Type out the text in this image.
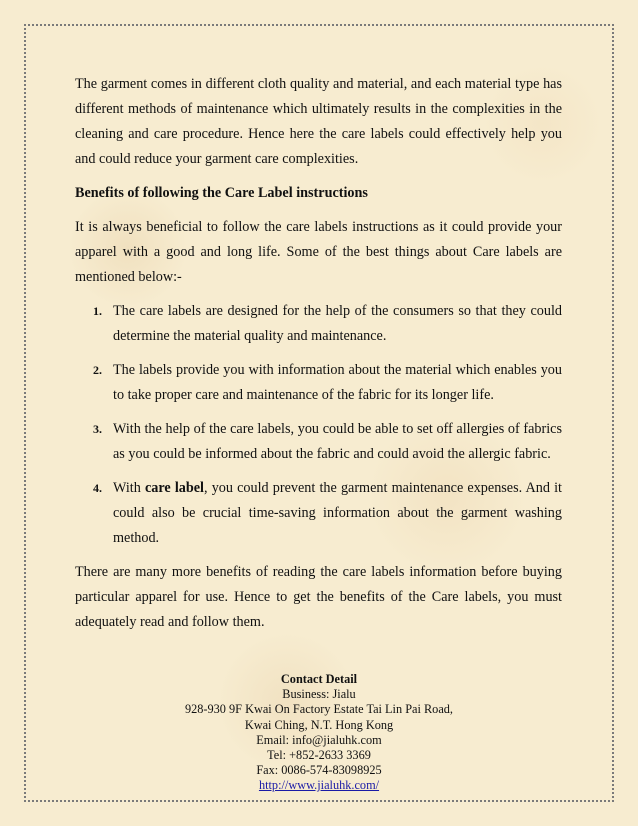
The garment comes in different cloth quality and material, and each material type has different methods of maintenance which ultimately results in the complexities in the cleaning and care procedure. Hence here the care labels could effectively help you and could reduce your garment care complexities.

Benefits of following the Care Label instructions

It is always beneficial to follow the care labels instructions as it could provide your apparel with a good and long life. Some of the best things about Care labels are mentioned below:-

1. The care labels are designed for the help of the consumers so that they could determine the material quality and maintenance.
2. The labels provide you with information about the material which enables you to take proper care and maintenance of the fabric for its longer life.
3. With the help of the care labels, you could be able to set off allergies of fabrics as you could be informed about the fabric and could avoid the allergic fabric.
4. With care label, you could prevent the garment maintenance expenses. And it could also be crucial time-saving information about the garment washing method.

There are many more benefits of reading the care labels information before buying particular apparel for use. Hence to get the benefits of the Care labels, you must adequately read and follow them.

Contact Detail
Business: Jialu
928-930 9F Kwai On Factory Estate Tai Lin Pai Road,
Kwai Ching, N.T. Hong Kong
Email: info@jialuhk.com
Tel: +852-2633 3369
Fax: 0086-574-83098925
http://www.jialuhk.com/
